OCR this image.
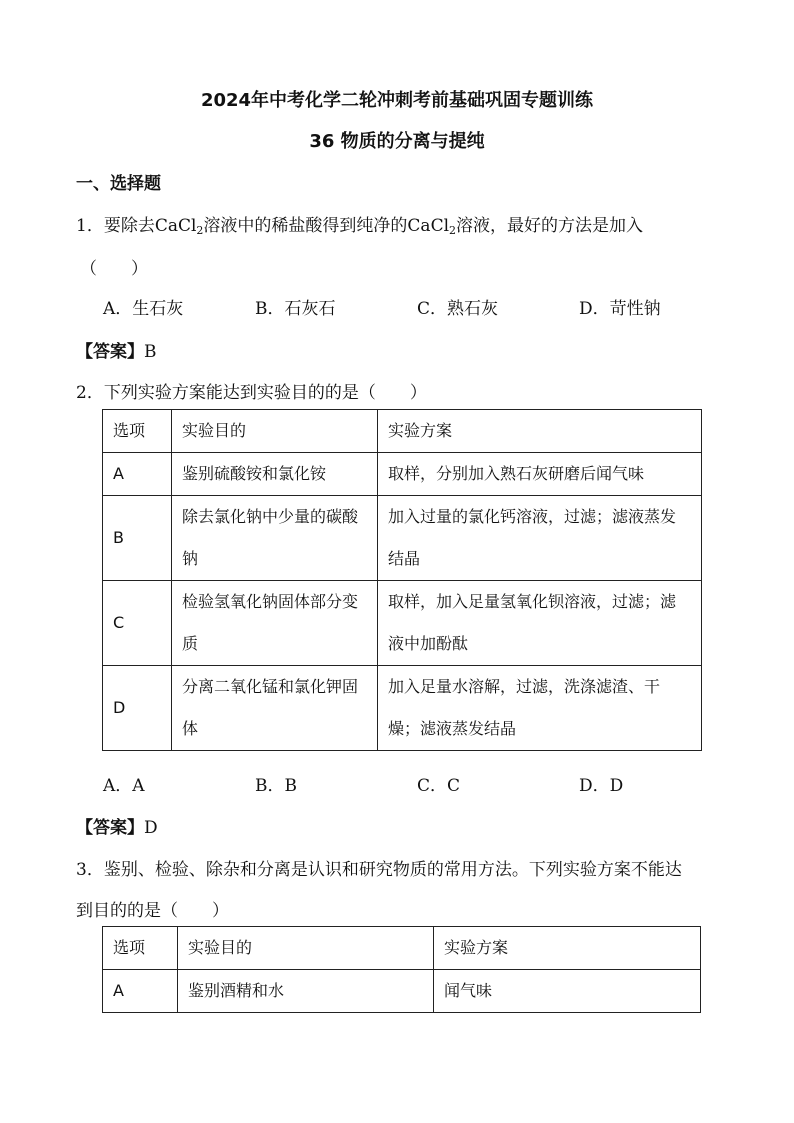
2024年中考化学二轮冲刺考前基础巩固专题训练
36 物质的分离与提纯
一、选择题
1．要除去CaCl$_2$溶液中的稀盐酸得到纯净的CaCl$_2$溶液，最好的方法是加入
（　　）
A．生石灰	B．石灰石	C．熟石灰	D．苛性钠
【答案】B
2．下列实验方案能达到实验目的的是（　　）
选项	实验目的	实验方案
A	鉴别硫酸铵和氯化铵	取样，分别加入熟石灰研磨后闻气味
B	除去氯化钠中少量的碳酸钠	加入过量的氯化钙溶液，过滤；滤液蒸发结晶
C	检验氢氧化钠固体部分变质	取样，加入足量氢氧化钡溶液，过滤；滤液中加酚酞
D	分离二氧化锰和氯化钾固体	加入足量水溶解，过滤，洗涤滤渣、干燥；滤液蒸发结晶
A．A	B．B	C．C	D．D
【答案】D
3．鉴别、检验、除杂和分离是认识和研究物质的常用方法。下列实验方案不能达
到目的的是（　　）
选项	实验目的	实验方案
A	鉴别酒精和水	闻气味
